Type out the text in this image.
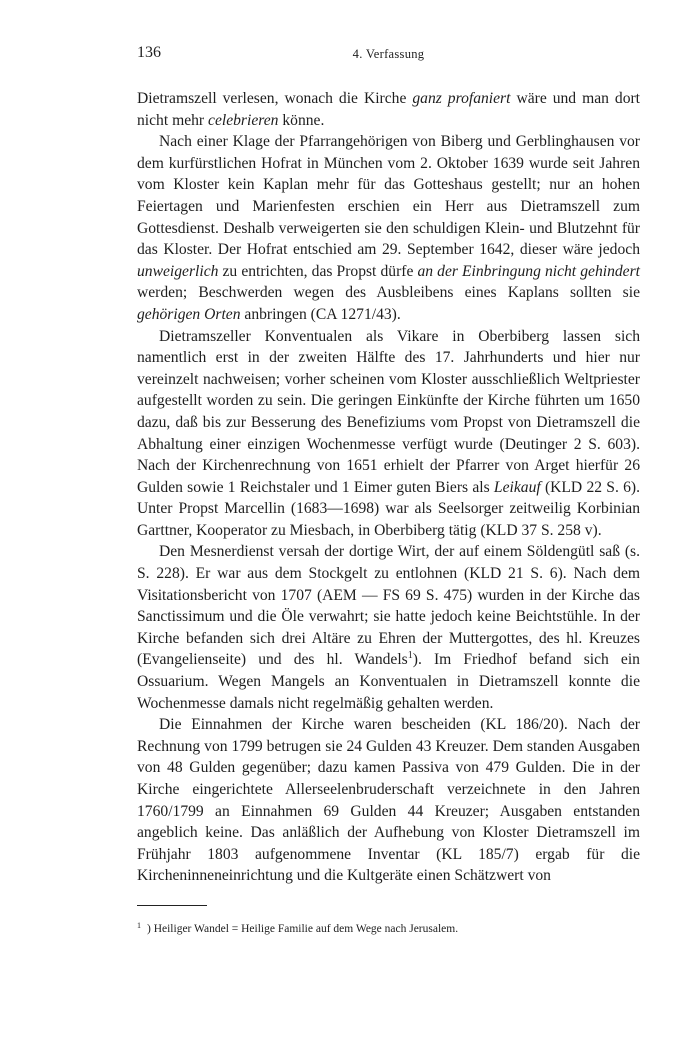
136	4. Verfassung

Dietramszell verlesen, wonach die Kirche ganz profaniert wäre und man dort nicht mehr celebrieren könne.

Nach einer Klage der Pfarrangehörigen von Biberg und Gerblinghausen vor dem kurfürstlichen Hofrat in München vom 2. Oktober 1639 wurde seit Jahren vom Kloster kein Kaplan mehr für das Gotteshaus gestellt; nur an hohen Feiertagen und Marienfesten erschien ein Herr aus Dietramszell zum Gottesdienst. Deshalb verweigerten sie den schuldigen Klein- und Blutzehnt für das Kloster. Der Hofrat entschied am 29. September 1642, dieser wäre jedoch unweigerlich zu entrichten, das Propst dürfe an der Einbringung nicht gehindert werden; Beschwerden wegen des Ausbleibens eines Kaplans sollten sie gehörigen Orten anbringen (CA 1271/43).

Dietramszeller Konventualen als Vikare in Oberbiberg lassen sich namentlich erst in der zweiten Hälfte des 17. Jahrhunderts und hier nur vereinzelt nachweisen; vorher scheinen vom Kloster ausschließlich Weltpriester aufgestellt worden zu sein. Die geringen Einkünfte der Kirche führten um 1650 dazu, daß bis zur Besserung des Benefiziums vom Propst von Dietramszell die Abhaltung einer einzigen Wochenmesse verfügt wurde (Deutinger 2 S. 603). Nach der Kirchenrechnung von 1651 erhielt der Pfarrer von Arget hierfür 26 Gulden sowie 1 Reichstaler und 1 Eimer guten Biers als Leikauf (KLD 22 S. 6). Unter Propst Marcellin (1683—1698) war als Seelsorger zeitweilig Korbinian Garttner, Kooperator zu Miesbach, in Oberbiberg tätig (KLD 37 S. 258 v).

Den Mesnerdienst versah der dortige Wirt, der auf einem Söldengütl saß (s. S. 228). Er war aus dem Stockgelt zu entlohnen (KLD 21 S. 6). Nach dem Visitationsbericht von 1707 (AEM — FS 69 S. 475) wurden in der Kirche das Sanctissimum und die Öle verwahrt; sie hatte jedoch keine Beichtstühle. In der Kirche befanden sich drei Altäre zu Ehren der Muttergottes, des hl. Kreuzes (Evangelienseite) und des hl. Wandels$^1$). Im Friedhof befand sich ein Ossuarium. Wegen Mangels an Konventualen in Dietramszell konnte die Wochenmesse damals nicht regelmäßig gehalten werden.

Die Einnahmen der Kirche waren bescheiden (KL 186/20). Nach der Rechnung von 1799 betrugen sie 24 Gulden 43 Kreuzer. Dem standen Ausgaben von 48 Gulden gegenüber; dazu kamen Passiva von 479 Gulden. Die in der Kirche eingerichtete Allerseelenbruderschaft verzeichnete in den Jahren 1760/1799 an Einnahmen 69 Gulden 44 Kreuzer; Ausgaben entstanden angeblich keine. Das anläßlich der Aufhebung von Kloster Dietramszell im Frühjahr 1803 aufgenommene Inventar (KL 185/7) ergab für die Kircheninneneinrichtung und die Kultgeräte einen Schätzwert von

$^1$ ) Heiliger Wandel = Heilige Familie auf dem Wege nach Jerusalem.
